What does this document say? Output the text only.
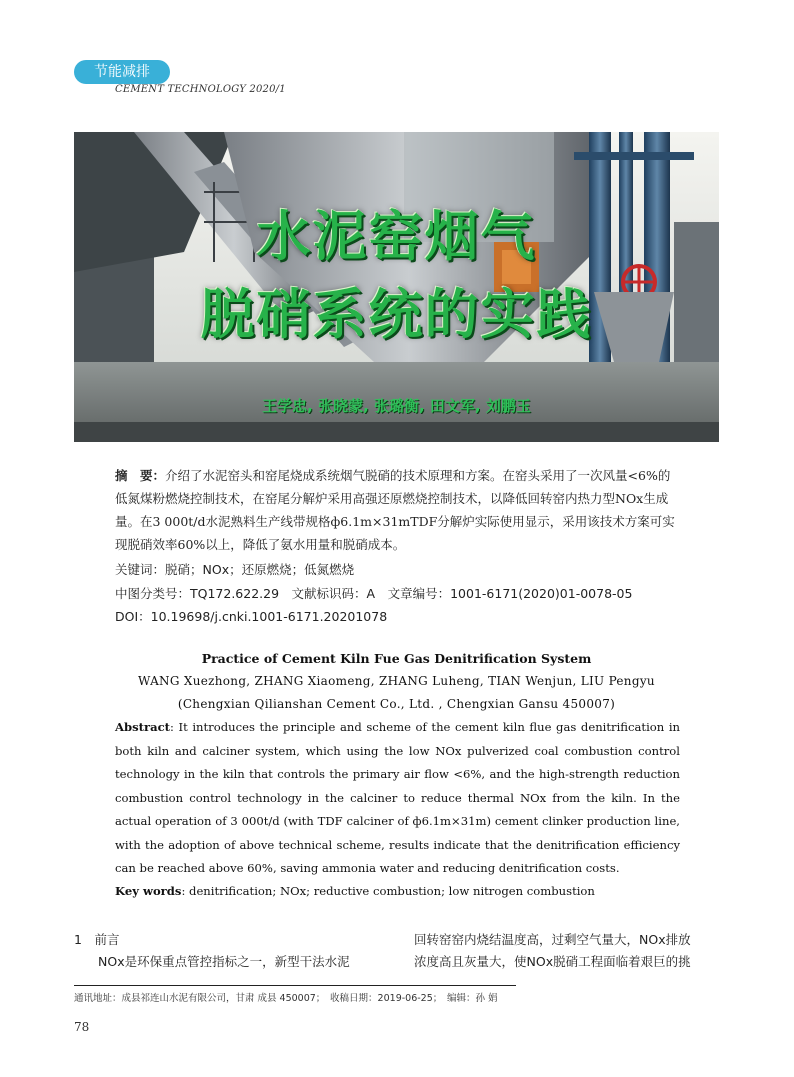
节能减排
CEMENT TECHNOLOGY 2020/1
水泥窑烟气
脱硝系统的实践
王学忠, 张晓蒙, 张璐衡, 田文军, 刘鹏玉
摘　要：介绍了水泥窑头和窑尾烧成系统烟气脱硝的技术原理和方案。在窑头采用了一次风量<6%的低氮煤粉燃烧控制技术，在窑尾分解炉采用高强还原燃烧控制技术，以降低回转窑内热力型NOx生成量。在3 000t/d水泥熟料生产线带规格ф6.1m×31mTDF分解炉实际使用显示，采用该技术方案可实现脱硝效率60%以上，降低了氨水用量和脱硝成本。
关键词：脱硝；NOx；还原燃烧；低氮燃烧
中图分类号：TQ172.622.29　文献标识码：A　文章编号：1001-6171(2020)01-0078-05
DOI：10.19698/j.cnki.1001-6171.20201078
Practice of Cement Kiln Fue Gas Denitrification System
WANG Xuezhong, ZHANG Xiaomeng, ZHANG Luheng, TIAN Wenjun, LIU Pengyu
(Chengxian Qilianshan Cement Co., Ltd. , Chengxian Gansu 450007)
Abstract: It introduces the principle and scheme of the cement kiln flue gas denitrification in both kiln and calciner system, which using the low NOx pulverized coal combustion control technology in the kiln that controls the primary air flow <6%, and the high-strength reduction combustion control technology in the calciner to reduce thermal NOx from the kiln. In the actual operation of 3 000t/d (with TDF calciner of ф6.1m×31m) cement clinker production line, with the adoption of above technical scheme, results indicate that the denitrification efficiency can be reached above 60%, saving ammonia water and reducing denitrification costs.
Key words: denitrification; NOx; reductive combustion; low nitrogen combustion
1　前言
NOx是环保重点管控指标之一，新型干法水泥
回转窑窑内烧结温度高，过剩空气量大，NOx排放
浓度高且灰量大，使NOx脱硝工程面临着艰巨的挑
通讯地址：成县祁连山水泥有限公司，甘肃 成县 450007；　收稿日期：2019-06-25；　编辑：孙 娟
78
